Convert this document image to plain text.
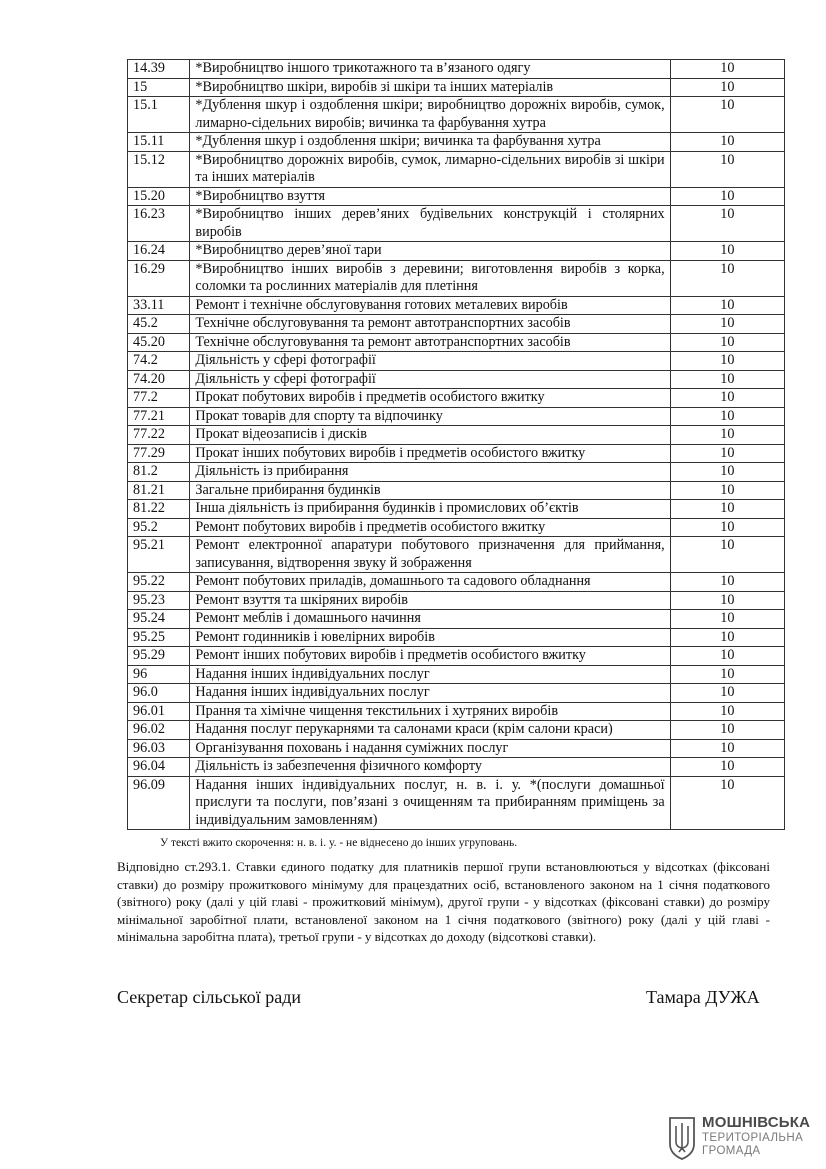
14.39	*Виробництво іншого трикотажного та в’язаного одягу	10
15	*Виробництво шкіри, виробів зі шкіри та інших матеріалів	10
15.1	*Дублення шкур і оздоблення шкіри; виробництво дорожніх виробів, сумок, лимарно-сідельних виробів; вичинка та фарбування хутра	10
15.11	*Дублення шкур і оздоблення шкіри; вичинка та фарбування хутра	10
15.12	*Виробництво дорожніх виробів, сумок, лимарно-сідельних виробів зі шкіри та інших матеріалів	10
15.20	*Виробництво взуття	10
16.23	*Виробництво інших дерев’яних будівельних конструкцій і столярних виробів	10
16.24	*Виробництво дерев’яної тари	10
16.29	*Виробництво інших виробів з деревини; виготовлення виробів з корка, соломки та рослинних матеріалів для плетіння	10
33.11	Ремонт і технічне обслуговування готових металевих виробів	10
45.2	Технічне обслуговування та ремонт автотранспортних засобів	10
45.20	Технічне обслуговування та ремонт автотранспортних засобів	10
74.2	Діяльність у сфері фотографії	10
74.20	Діяльність у сфері фотографії	10
77.2	Прокат побутових виробів і предметів особистого вжитку	10
77.21	Прокат товарів для спорту та відпочинку	10
77.22	Прокат відеозаписів і дисків	10
77.29	Прокат інших побутових виробів і предметів особистого вжитку	10
81.2	Діяльність із прибирання	10
81.21	Загальне прибирання будинків	10
81.22	Інша діяльність із прибирання будинків і промислових об’єктів	10
95.2	Ремонт побутових виробів і предметів особистого вжитку	10
95.21	Ремонт електронної апаратури побутового призначення для приймання, записування, відтворення звуку й зображення	10
95.22	Ремонт побутових приладів, домашнього та садового обладнання	10
95.23	Ремонт взуття та шкіряних виробів	10
95.24	Ремонт меблів і домашнього начиння	10
95.25	Ремонт годинників і ювелірних виробів	10
95.29	Ремонт інших побутових виробів і предметів особистого вжитку	10
96	Надання інших індивідуальних послуг	10
96.0	Надання інших індивідуальних послуг	10
96.01	Прання та хімічне чищення текстильних і хутряних виробів	10
96.02	Надання послуг перукарнями та салонами краси (крім салони краси)	10
96.03	Організування поховань і надання суміжних послуг	10
96.04	Діяльність із забезпечення фізичного комфорту	10
96.09	Надання інших індивідуальних послуг, н. в. і. у. *(послуги домашньої прислуги та послуги, пов’язані з очищенням та прибиранням приміщень за індивідуальним замовленням)	10
У тексті вжито скорочення: н. в. і. у. - не віднесено до інших угруповань.
Відповідно ст.293.1. Ставки єдиного податку для платників першої групи встановлюються у відсотках (фіксовані ставки) до розміру прожиткового мінімуму для працездатних осіб, встановленого законом на 1 січня податкового (звітного) року (далі у цій главі - прожитковий мінімум), другої групи - у відсотках (фіксовані ставки) до розміру мінімальної заробітної плати, встановленої законом на 1 січня податкового (звітного) року (далі у цій главі - мінімальна заробітна плата), третьої групи - у відсотках до доходу (відсоткові ставки).
Секретар сільської ради	Тамара ДУЖА
МОШНІВСЬКА
ТЕРИТОРІАЛЬНА
ГРОМАДА
